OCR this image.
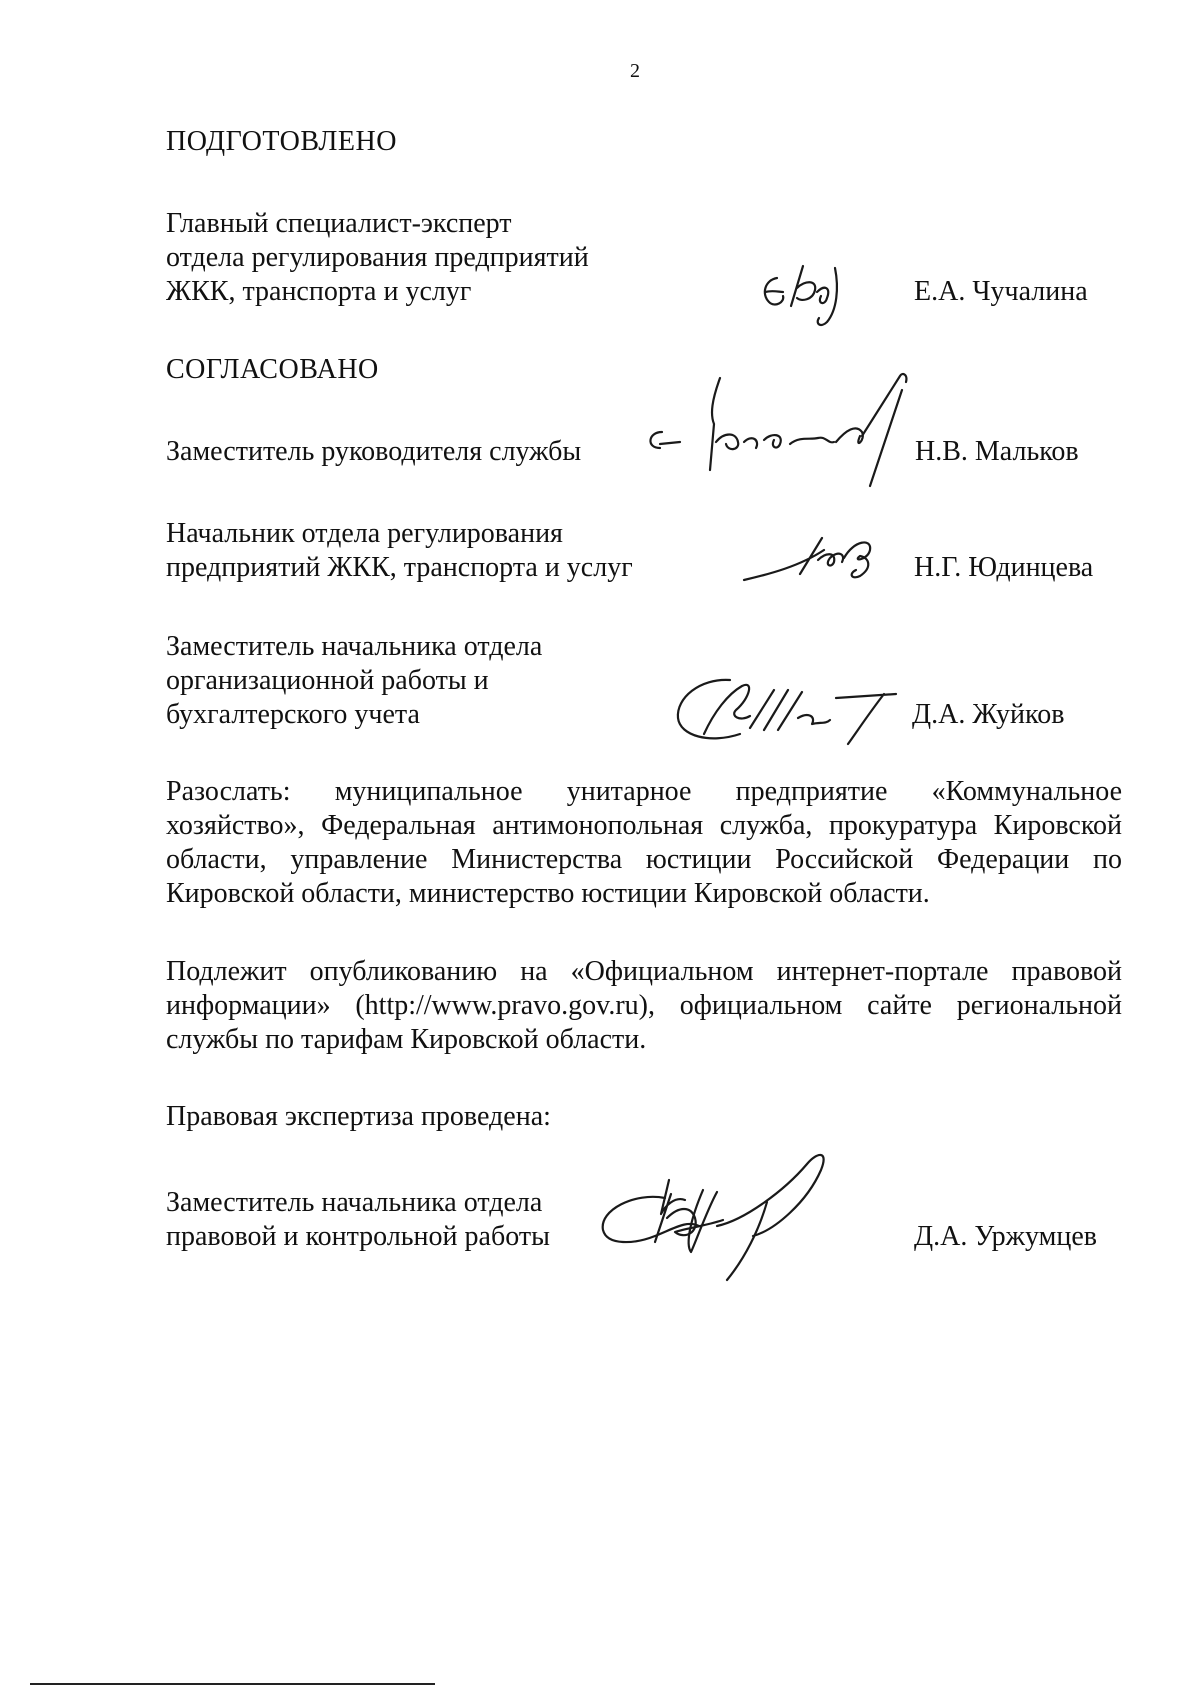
2
ПОДГОТОВЛЕНО
Главный специалист-эксперт
отдела регулирования предприятий
ЖКК, транспорта и услуг	Е.А. Чучалина
СОГЛАСОВАНО
Заместитель руководителя службы	Н.В. Мальков
Начальник отдела регулирования
предприятий ЖКК, транспорта и услуг	Н.Г. Юдинцева
Заместитель начальника отдела
организационной работы и
бухгалтерского учета	Д.А. Жуйков
Разослать: муниципальное унитарное предприятие «Коммунальное
хозяйство», Федеральная антимонопольная служба, прокуратура Кировской
области, управление Министерства юстиции Российской Федерации по
Кировской области, министерство юстиции Кировской области.
Подлежит опубликованию на «Официальном интернет-портале правовой
информации» (http://www.pravo.gov.ru), официальном сайте региональной
службы по тарифам Кировской области.
Правовая экспертиза проведена:
Заместитель начальника отдела
правовой и контрольной работы	Д.А. Уржумцев
